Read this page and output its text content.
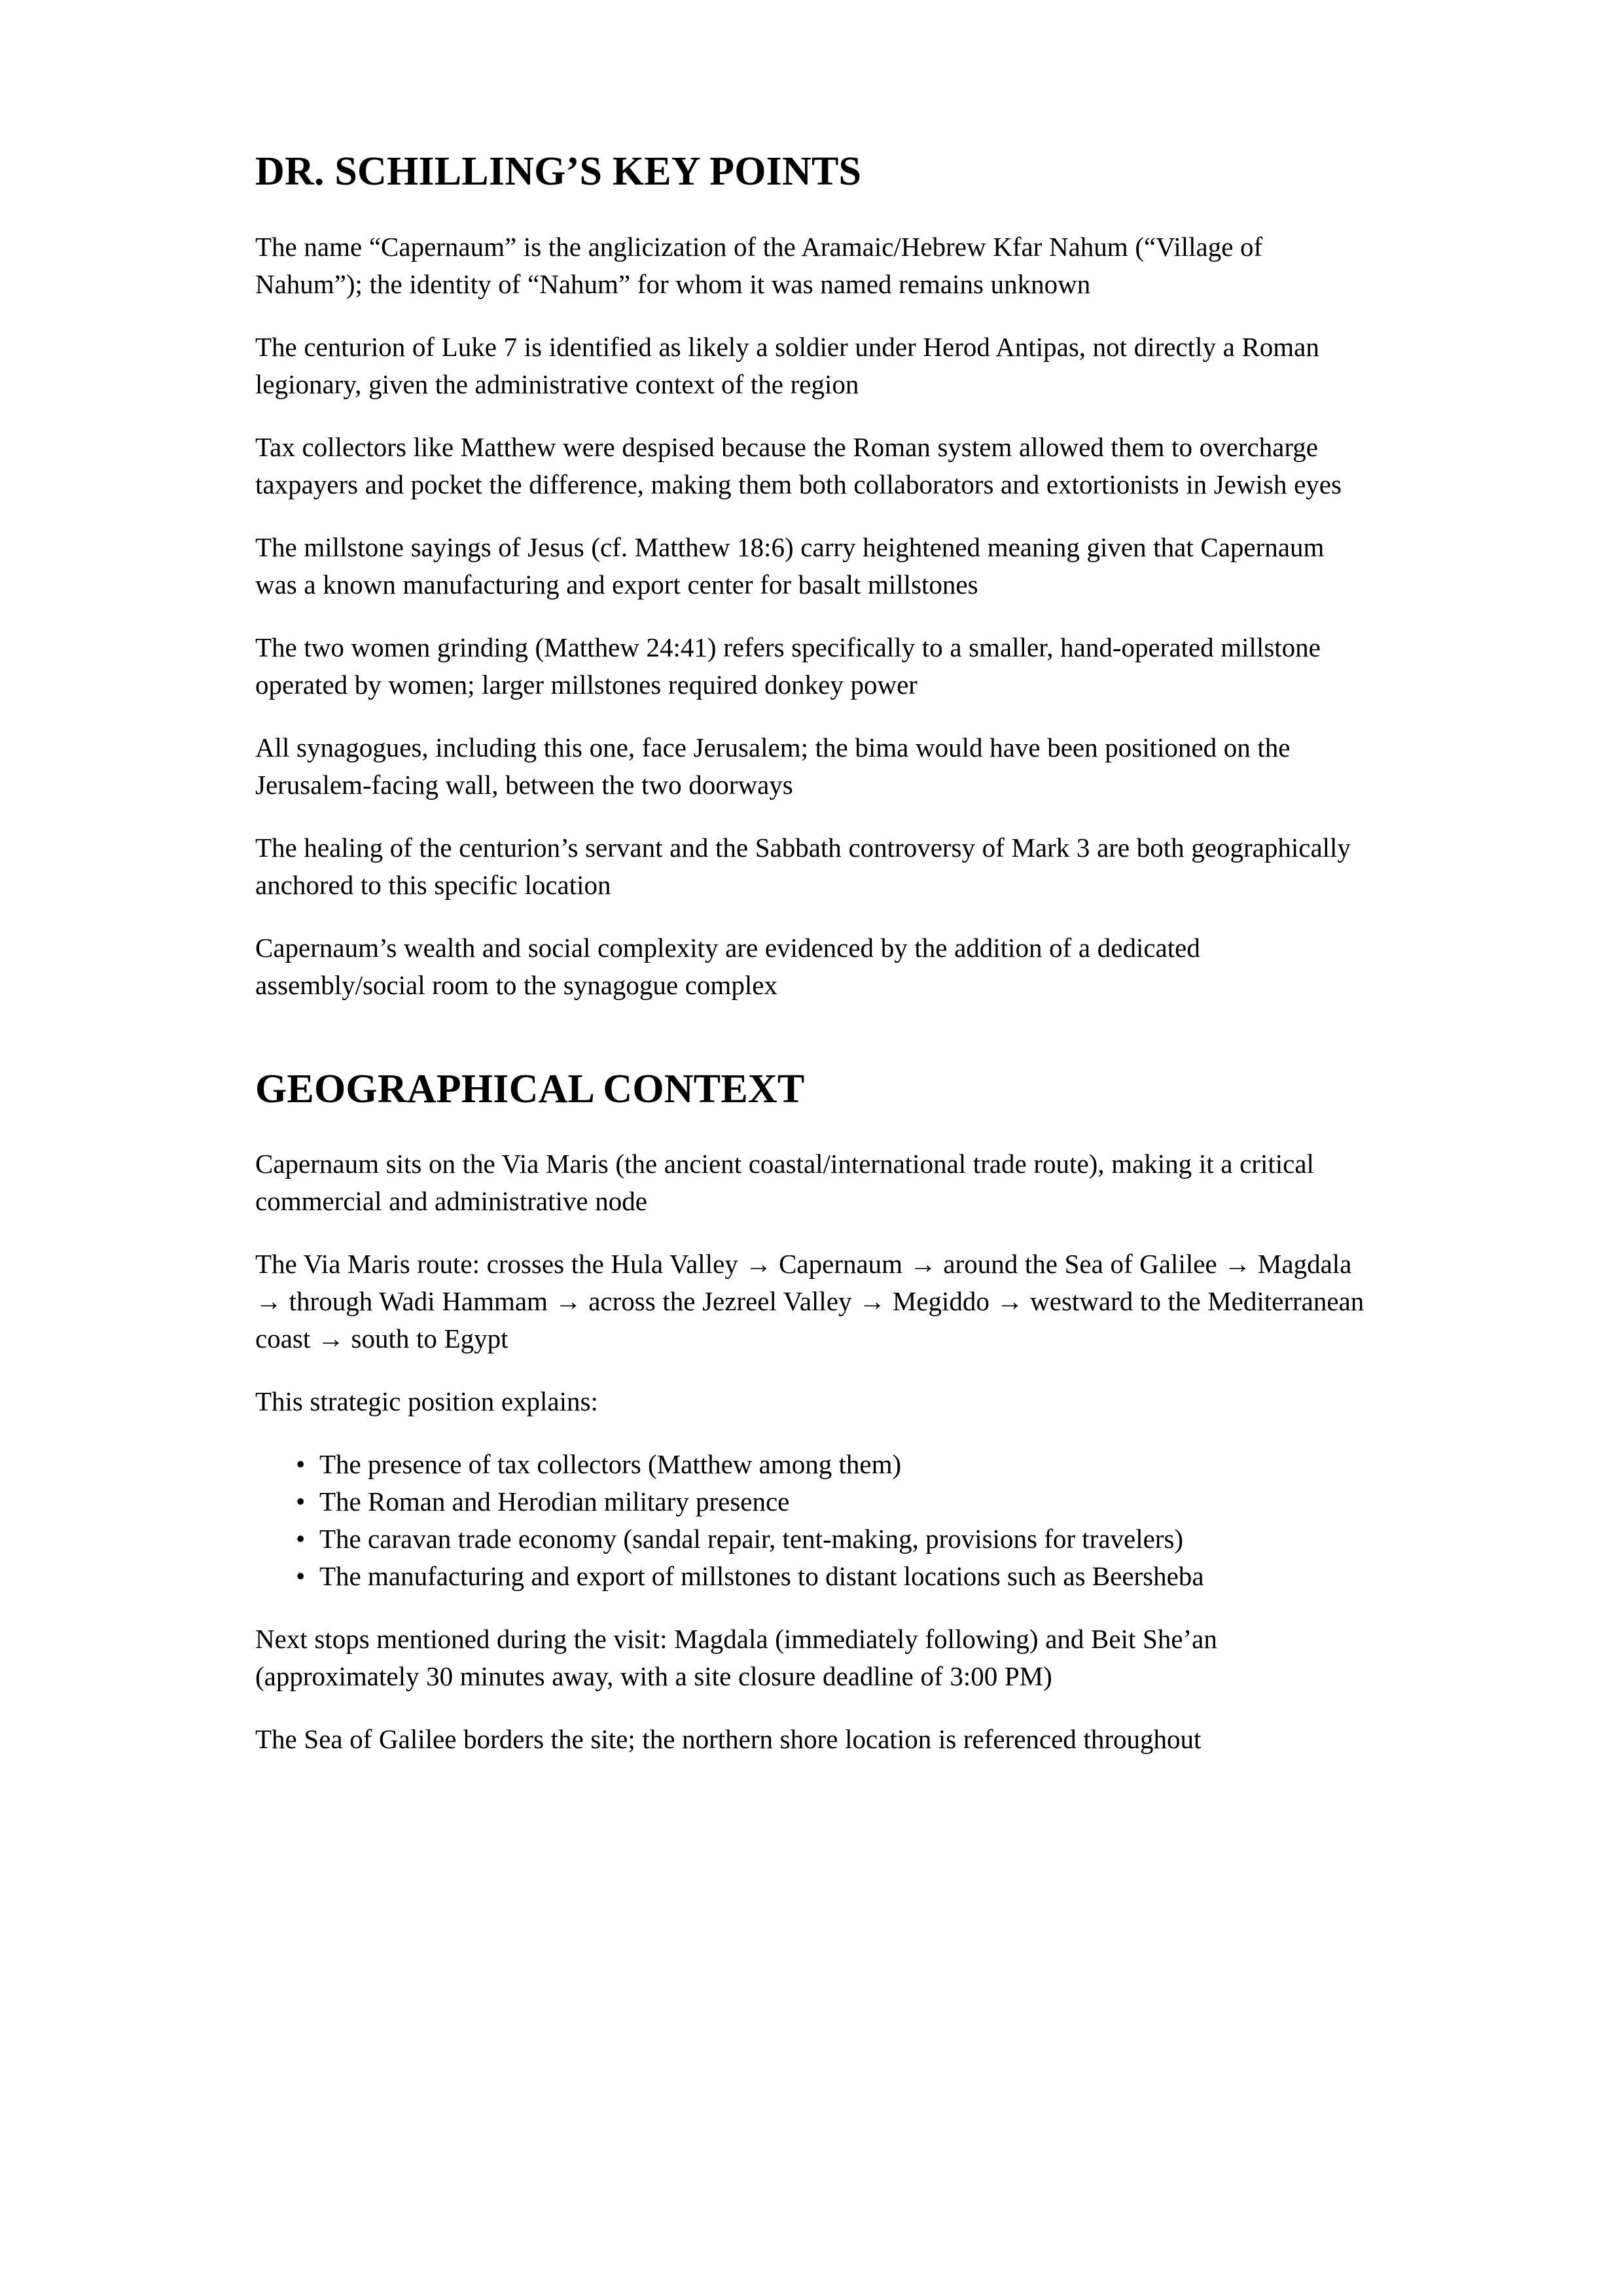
DR. SCHILLING’S KEY POINTS

The name “Capernaum” is the anglicization of the Aramaic/Hebrew Kfar Nahum (“Village of Nahum”); the identity of “Nahum” for whom it was named remains unknown

The centurion of Luke 7 is identified as likely a soldier under Herod Antipas, not directly a Roman legionary, given the administrative context of the region

Tax collectors like Matthew were despised because the Roman system allowed them to overcharge taxpayers and pocket the difference, making them both collaborators and extortionists in Jewish eyes

The millstone sayings of Jesus (cf. Matthew 18:6) carry heightened meaning given that Capernaum was a known manufacturing and export center for basalt millstones

The two women grinding (Matthew 24:41) refers specifically to a smaller, hand-operated millstone operated by women; larger millstones required donkey power

All synagogues, including this one, face Jerusalem; the bima would have been positioned on the Jerusalem-facing wall, between the two doorways

The healing of the centurion’s servant and the Sabbath controversy of Mark 3 are both geographically anchored to this specific location

Capernaum’s wealth and social complexity are evidenced by the addition of a dedicated assembly/social room to the synagogue complex

GEOGRAPHICAL CONTEXT

Capernaum sits on the Via Maris (the ancient coastal/international trade route), making it a critical commercial and administrative node

The Via Maris route: crosses the Hula Valley → Capernaum → around the Sea of Galilee → Magdala → through Wadi Hammam → across the Jezreel Valley → Megiddo → westward to the Mediterranean coast → south to Egypt

This strategic position explains:

• The presence of tax collectors (Matthew among them)
• The Roman and Herodian military presence
• The caravan trade economy (sandal repair, tent-making, provisions for travelers)
• The manufacturing and export of millstones to distant locations such as Beersheba

Next stops mentioned during the visit: Magdala (immediately following) and Beit She’an (approximately 30 minutes away, with a site closure deadline of 3:00 PM)

The Sea of Galilee borders the site; the northern shore location is referenced throughout
